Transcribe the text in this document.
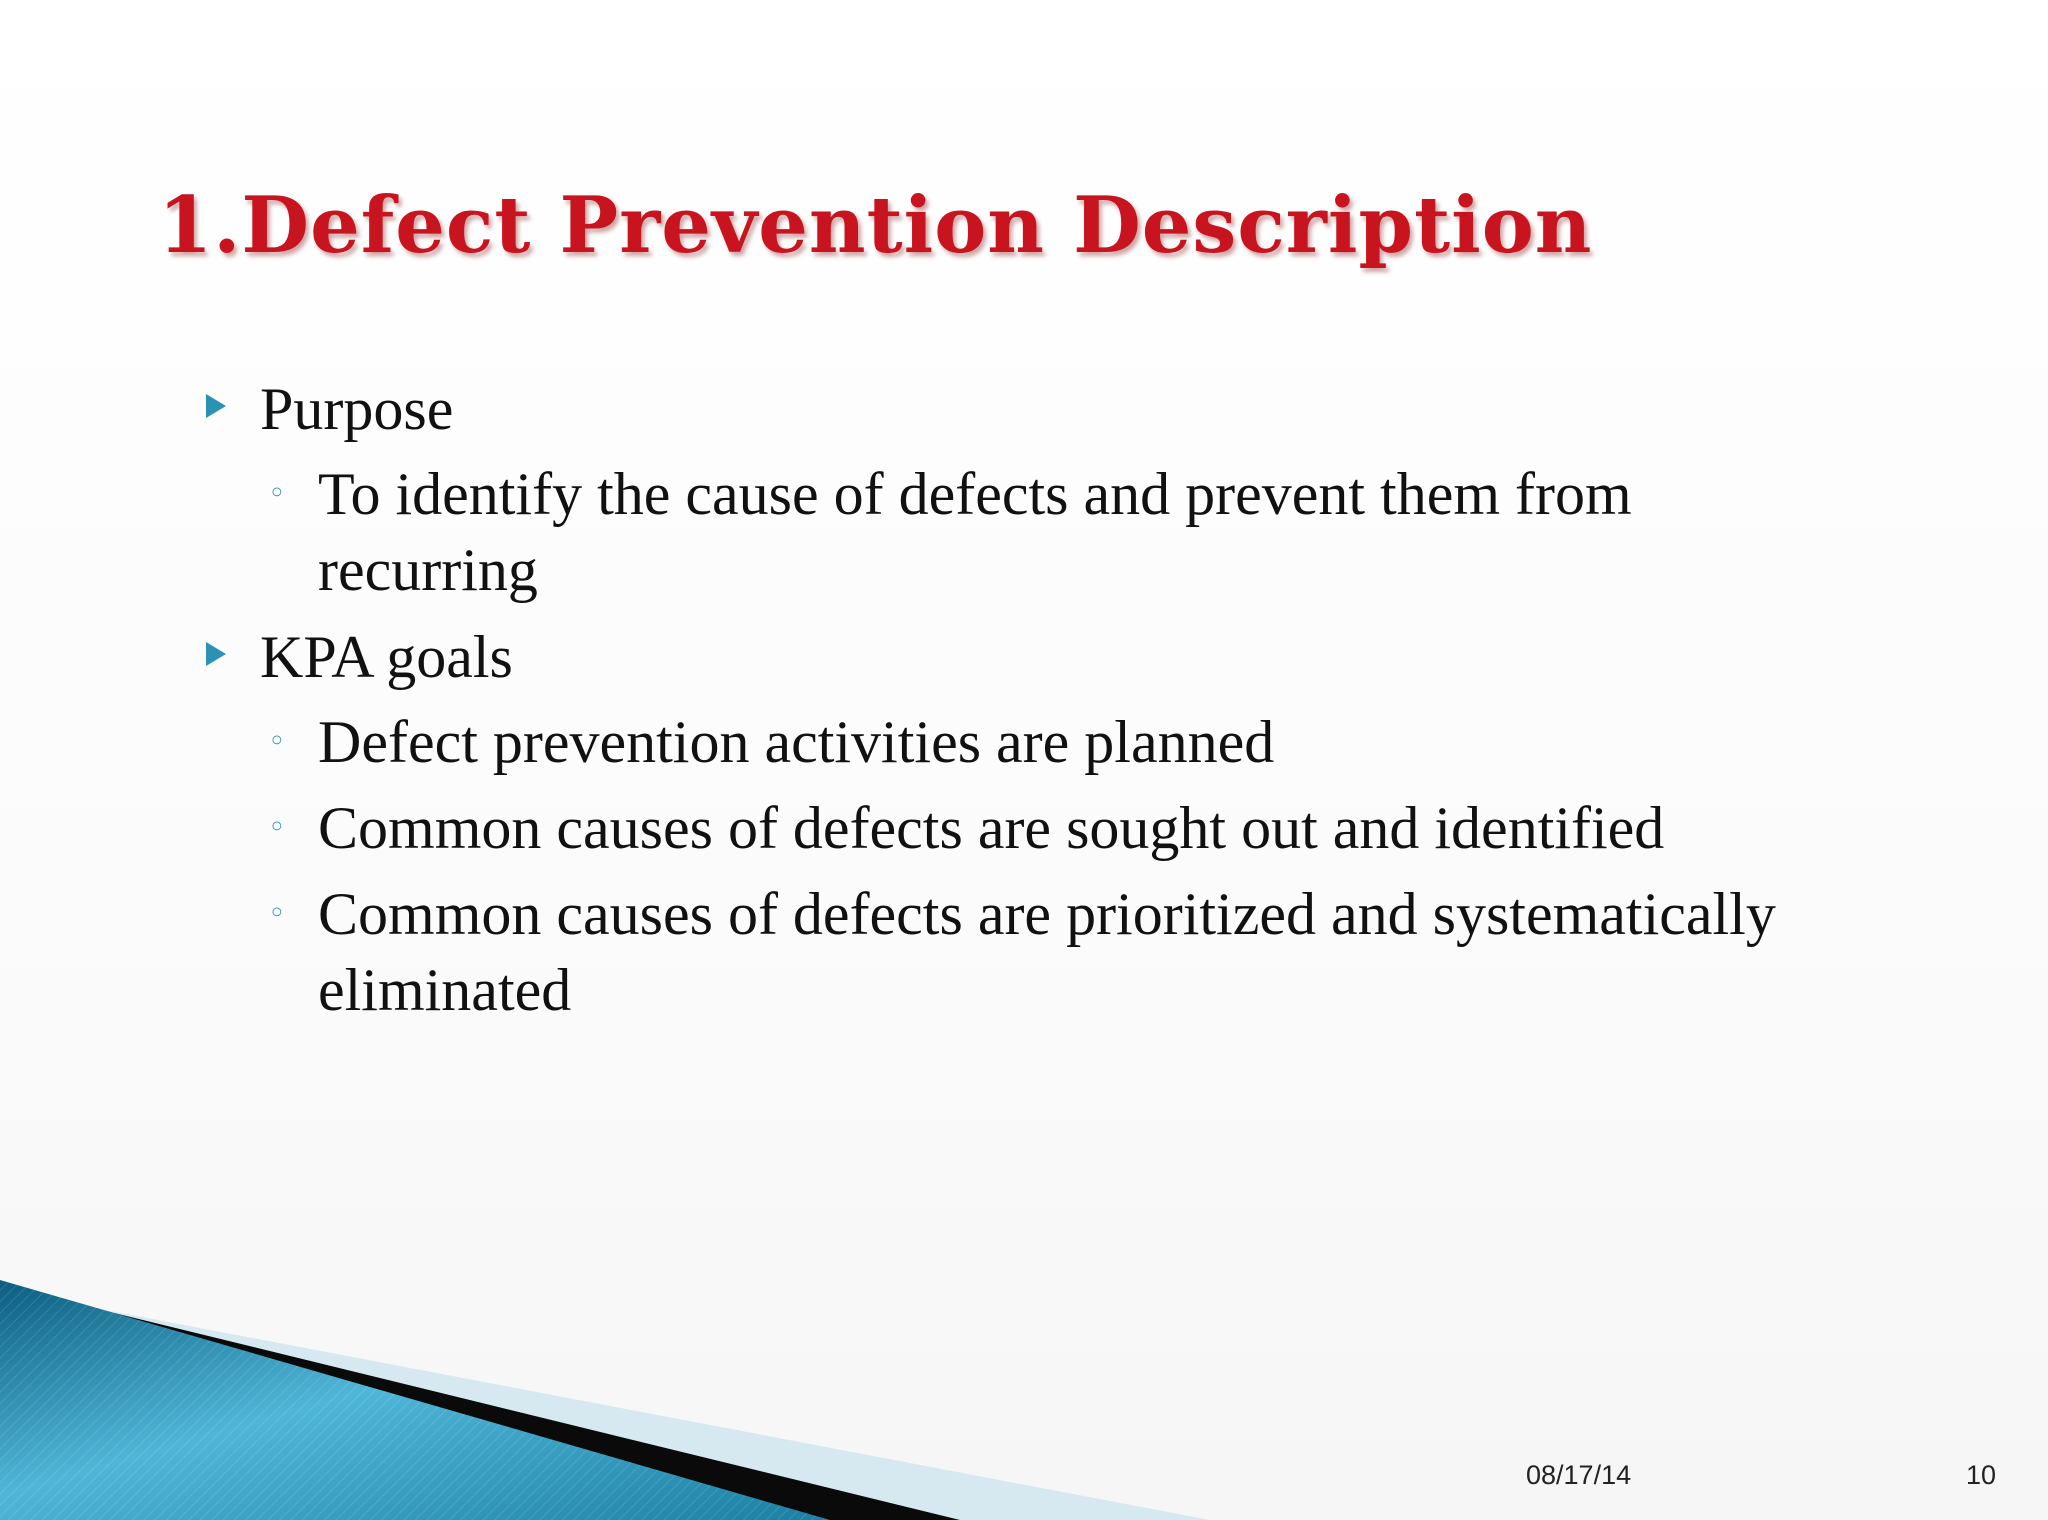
1.Defect Prevention Description
Purpose
◦ To identify the cause of defects and prevent them from recurring
KPA goals
◦ Defect prevention activities are planned
◦ Common causes of defects are sought out and identified
◦ Common causes of defects are prioritized and systematically eliminated
08/17/14	10
